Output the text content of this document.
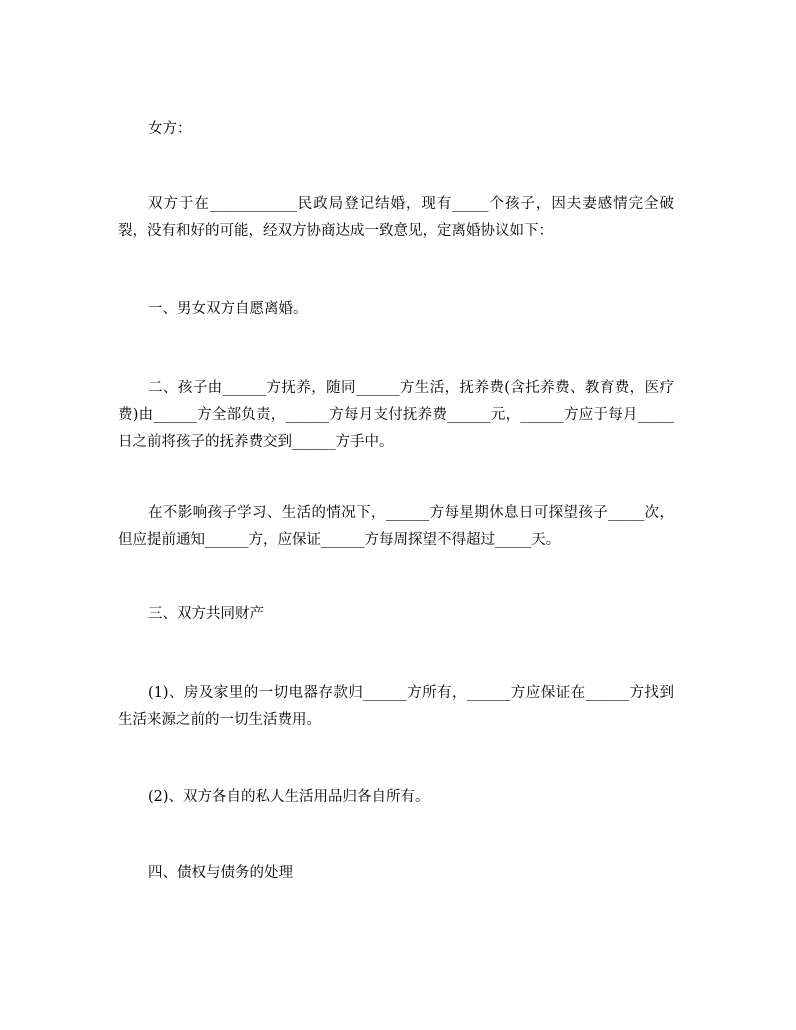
女方：

双方于在____________民政局登记结婚，现有_____个孩子，因夫妻感情完全破裂，没有和好的可能，经双方协商达成一致意见，定离婚协议如下：

一、男女双方自愿离婚。

二、孩子由______方抚养，随同______方生活，抚养费(含托养费、教育费，医疗费)由______方全部负责，______方每月支付抚养费______元，______方应于每月_____日之前将孩子的抚养费交到______方手中。

在不影响孩子学习、生活的情况下，______方每星期休息日可探望孩子_____次，但应提前通知______方，应保证______方每周探望不得超过_____天。

三、双方共同财产

(1)、房及家里的一切电器存款归______方所有，______方应保证在______方找到生活来源之前的一切生活费用。

(2)、双方各自的私人生活用品归各自所有。

四、债权与债务的处理
